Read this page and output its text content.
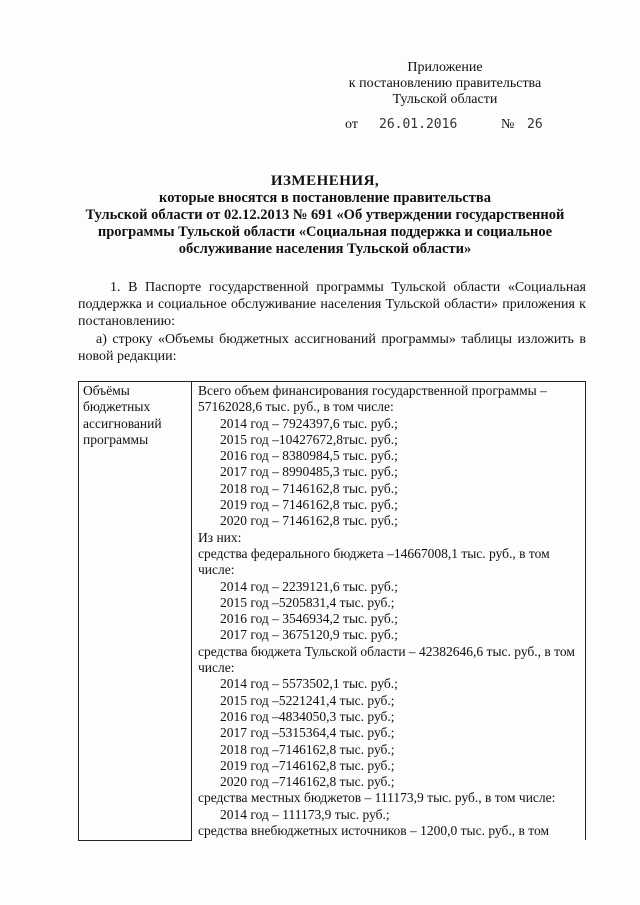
Приложение
к постановлению правительства
Тульской области
от 26.01.2016	№ 26
ИЗМЕНЕНИЯ,
которые вносятся в постановление правительства
Тульской области от 02.12.2013 № 691 «Об утверждении государственной
программы Тульской области «Социальная поддержка и социальное
обслуживание населения Тульской области»
1. В Паспорте государственной программы Тульской области «Социальная поддержка и социальное обслуживание населения Тульской области» приложения к постановлению:
а) строку «Объемы бюджетных ассигнований программы» таблицы изложить в новой редакции:
Объёмы бюджетных ассигнований программы	
Всего объем финансирования государственной программы – 57162028,6 тыс. руб., в том числе:
2014 год – 7924397,6 тыс. руб.;
2015 год –10427672,8тыс. руб.;
2016 год – 8380984,5 тыс. руб.;
2017 год – 8990485,3 тыс. руб.;
2018 год – 7146162,8 тыс. руб.;
2019 год – 7146162,8 тыс. руб.;
2020 год – 7146162,8 тыс. руб.;
Из них:
средства федерального бюджета –14667008,1 тыс. руб., в том числе:
2014 год – 2239121,6 тыс. руб.;
2015 год –5205831,4 тыс. руб.;
2016 год – 3546934,2 тыс. руб.;
2017 год – 3675120,9 тыс. руб.;
средства бюджета Тульской области – 42382646,6 тыс. руб., в том числе:
2014 год – 5573502,1 тыс. руб.;
2015 год –5221241,4 тыс. руб.;
2016 год –4834050,3 тыс. руб.;
2017 год –5315364,4 тыс. руб.;
2018 год –7146162,8 тыс. руб.;
2019 год –7146162,8 тыс. руб.;
2020 год –7146162,8 тыс. руб.;
средства местных бюджетов – 111173,9 тыс. руб., в том числе:
2014 год – 111173,9 тыс. руб.;
средства внебюджетных источников – 1200,0 тыс. руб., в том
